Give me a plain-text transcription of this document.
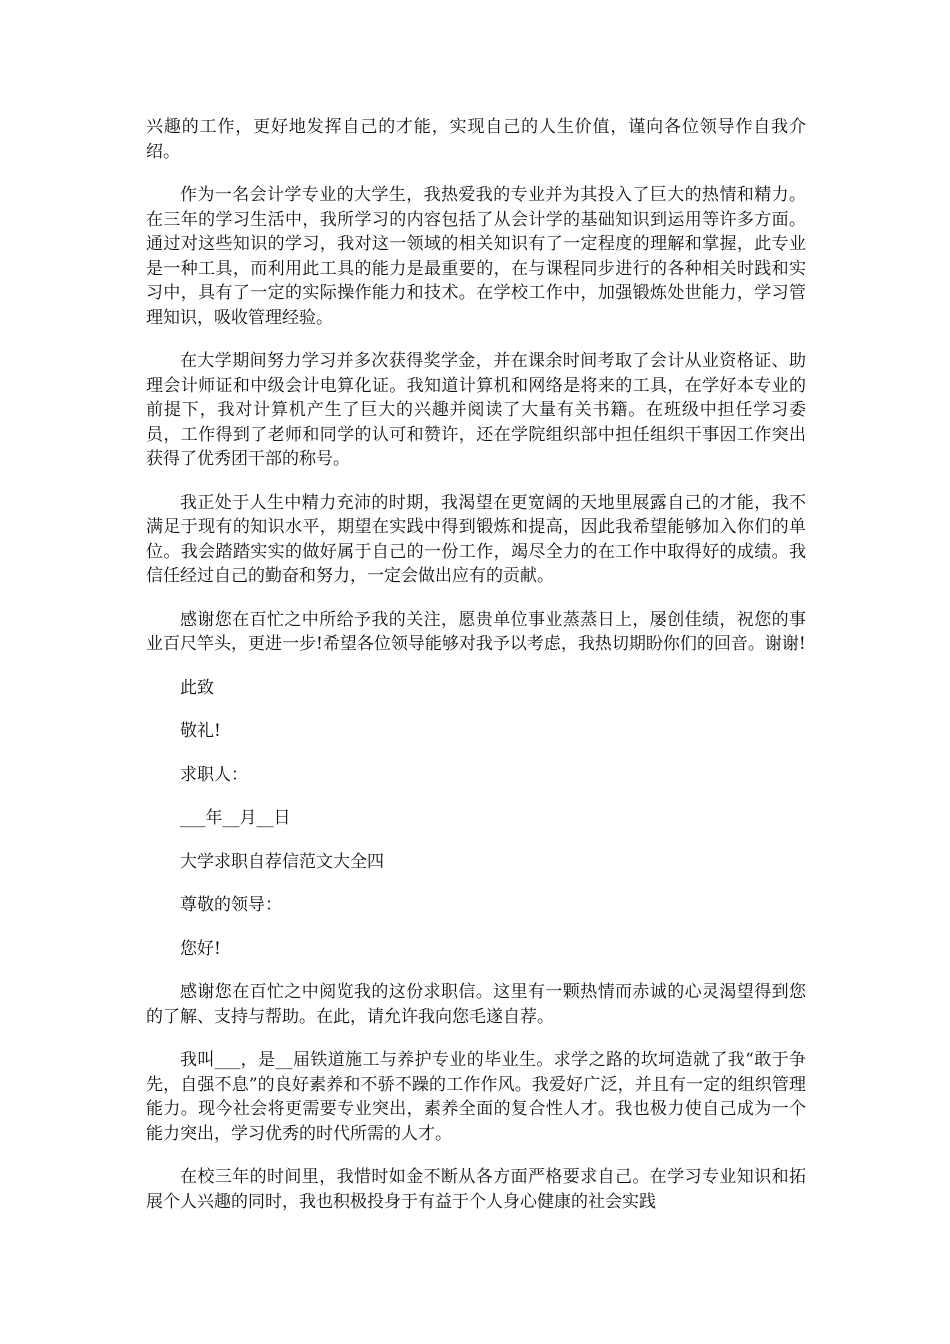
兴趣的工作，更好地发挥自己的才能，实现自己的人生价值，谨向各位领导作自我介绍。

作为一名会计学专业的大学生，我热爱我的专业并为其投入了巨大的热情和精力。在三年的学习生活中，我所学习的内容包括了从会计学的基础知识到运用等许多方面。通过对这些知识的学习，我对这一领域的相关知识有了一定程度的理解和掌握，此专业是一种工具，而利用此工具的能力是最重要的，在与课程同步进行的各种相关时践和实习中，具有了一定的实际操作能力和技术。在学校工作中，加强锻炼处世能力，学习管理知识，吸收管理经验。

在大学期间努力学习并多次获得奖学金，并在课余时间考取了会计从业资格证、助理会计师证和中级会计电算化证。我知道计算机和网络是将来的工具，在学好本专业的前提下，我对计算机产生了巨大的兴趣并阅读了大量有关书籍。在班级中担任学习委员，工作得到了老师和同学的认可和赞许，还在学院组织部中担任组织干事因工作突出获得了优秀团干部的称号。

我正处于人生中精力充沛的时期，我渴望在更宽阔的天地里展露自己的才能，我不满足于现有的知识水平，期望在实践中得到锻炼和提高，因此我希望能够加入你们的单位。我会踏踏实实的做好属于自己的一份工作，竭尽全力的在工作中取得好的成绩。我信任经过自己的勤奋和努力，一定会做出应有的贡献。

感谢您在百忙之中所给予我的关注，愿贵单位事业蒸蒸日上，屡创佳绩，祝您的事业百尺竿头，更进一步!希望各位领导能够对我予以考虑，我热切期盼你们的回音。谢谢!

此致

敬礼!

求职人：

___年__月__日

大学求职自荐信范文大全四

尊敬的领导：

您好!

感谢您在百忙之中阅览我的这份求职信。这里有一颗热情而赤诚的心灵渴望得到您的了解、支持与帮助。在此，请允许我向您毛遂自荐。

我叫___，是__届铁道施工与养护专业的毕业生。求学之路的坎坷造就了我“敢于争先，自强不息”的良好素养和不骄不躁的工作作风。我爱好广泛，并且有一定的组织管理能力。现今社会将更需要专业突出，素养全面的复合性人才。我也极力使自己成为一个能力突出，学习优秀的时代所需的人才。

在校三年的时间里，我惜时如金不断从各方面严格要求自己。在学习专业知识和拓展个人兴趣的同时，我也积极投身于有益于个人身心健康的社会实践
